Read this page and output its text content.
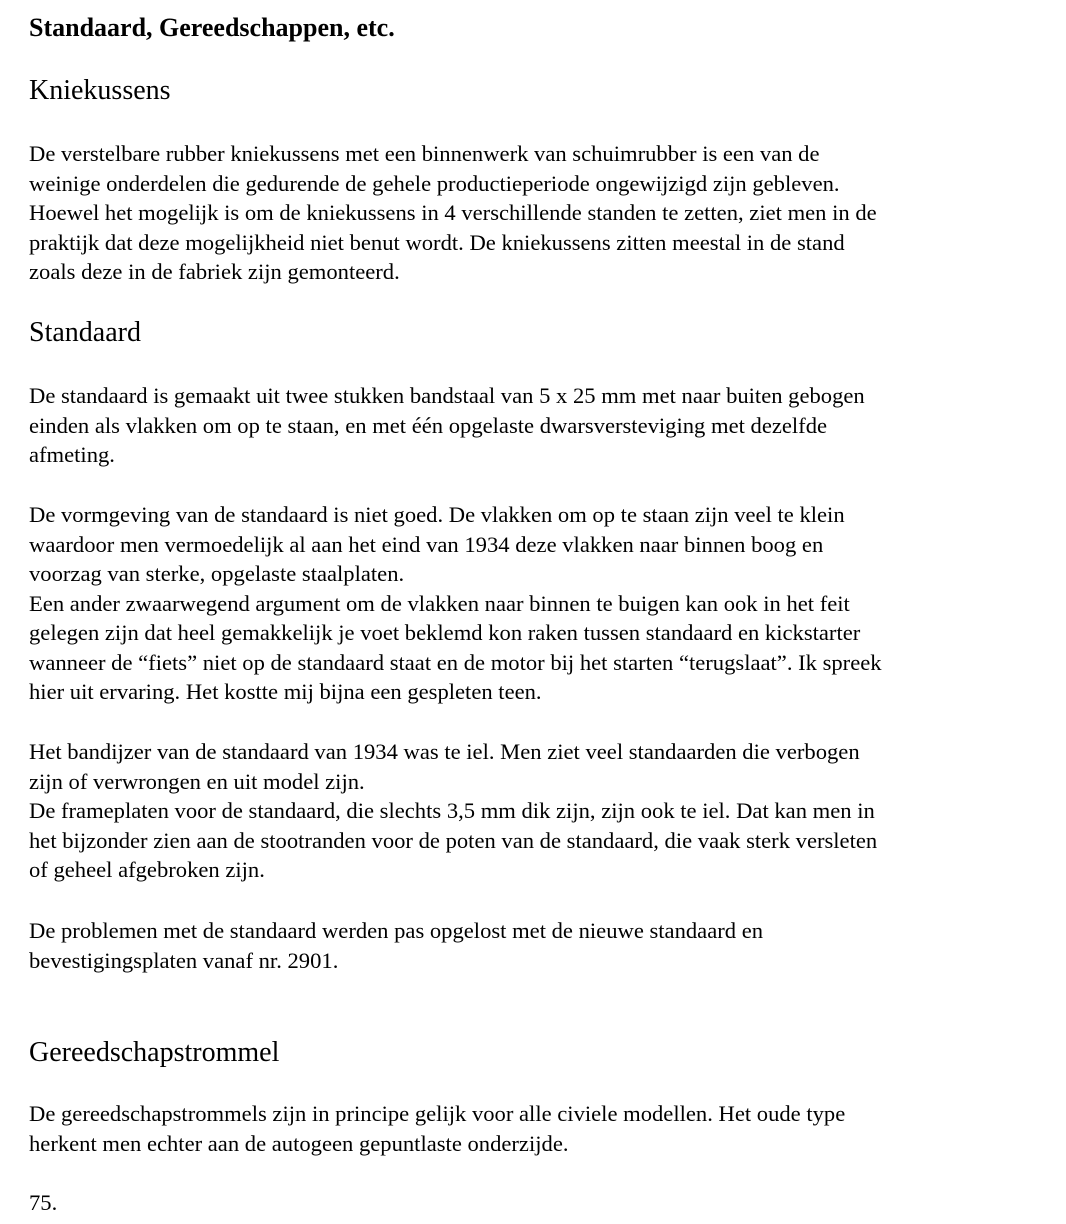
Standaard, Gereedschappen, etc.
Kniekussens
De verstelbare rubber kniekussens met een binnenwerk van schuimrubber is een van de
weinige onderdelen die gedurende de gehele productieperiode ongewijzigd zijn gebleven.
Hoewel het mogelijk is om de kniekussens in 4 verschillende standen te zetten, ziet men in de
praktijk dat deze mogelijkheid niet benut wordt. De kniekussens zitten meestal in de stand
zoals deze in de fabriek zijn gemonteerd.
Standaard
De standaard is gemaakt uit twee stukken bandstaal van 5 x 25 mm met naar buiten gebogen
einden als vlakken om op te staan, en met één opgelaste dwarsversteviging met dezelfde
afmeting.
De vormgeving van de standaard is niet goed. De vlakken om op te staan zijn veel te klein
waardoor men vermoedelijk al aan het eind van 1934 deze vlakken naar binnen boog en
voorzag van sterke, opgelaste staalplaten.
Een ander zwaarwegend argument om de vlakken naar binnen te buigen kan ook in het feit
gelegen zijn dat heel gemakkelijk je voet beklemd kon raken tussen standaard en kickstarter
wanneer de “fiets” niet op de standaard staat en de motor bij het starten “terugslaat”. Ik spreek
hier uit ervaring. Het kostte mij bijna een gespleten teen.
Het bandijzer van de standaard van 1934 was te iel. Men ziet veel standaarden die verbogen
zijn of verwrongen en uit model zijn.
De frameplaten voor de standaard, die slechts 3,5 mm dik zijn, zijn ook te iel. Dat kan men in
het bijzonder zien aan de stootranden voor de poten van de standaard, die vaak sterk versleten
of geheel afgebroken zijn.
De problemen met de standaard werden pas opgelost met de nieuwe standaard en
bevestigingsplaten vanaf nr. 2901.
Gereedschapstrommel
De gereedschapstrommels zijn in principe gelijk voor alle civiele modellen. Het oude type
herkent men echter aan de autogeen gepuntlaste onderzijde.
75.
